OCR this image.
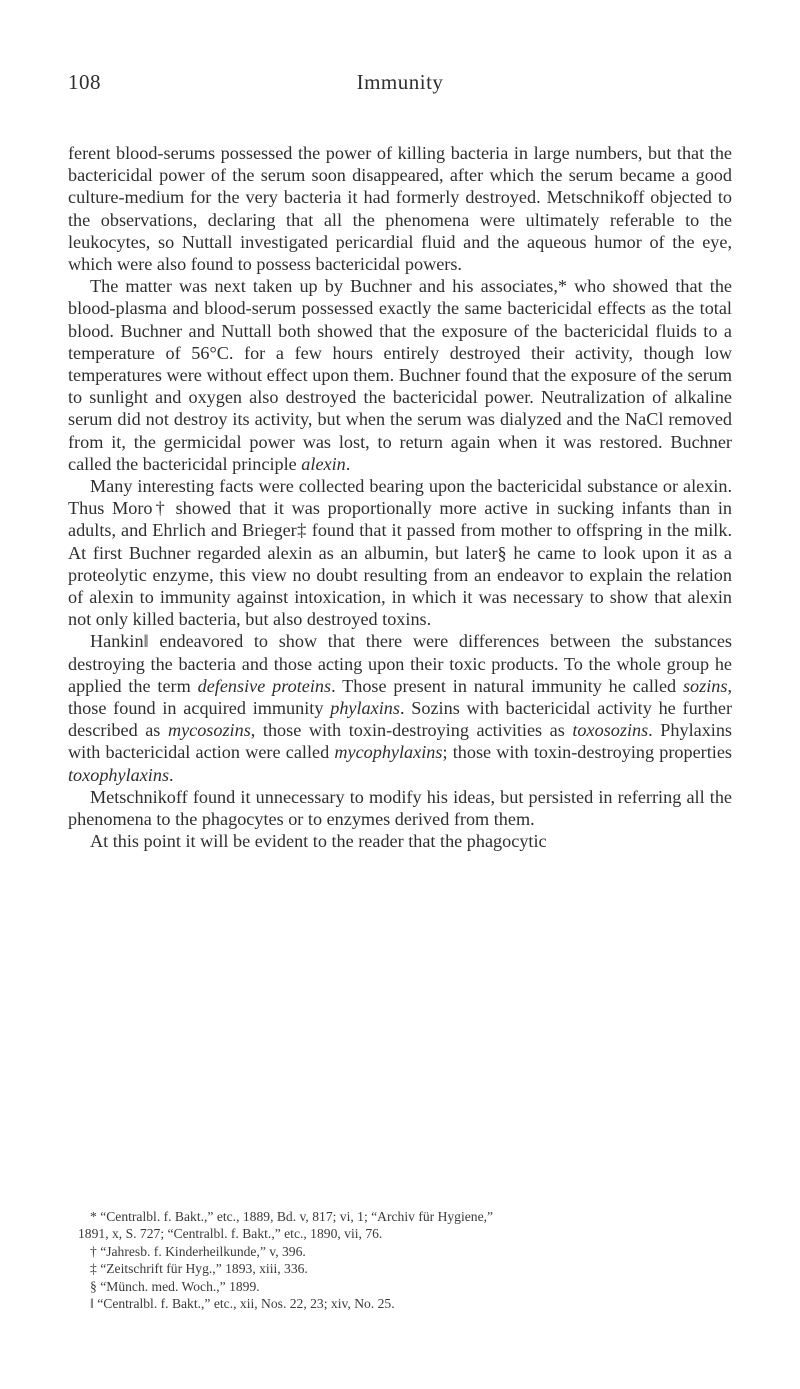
108	Immunity

ferent blood-serums possessed the power of killing bacteria in large numbers, but that the bactericidal power of the serum soon disappeared, after which the serum became a good culture-medium for the very bacteria it had formerly destroyed. Metschnikoff objected to the observations, declaring that all the phenomena were ultimately referable to the leukocytes, so Nuttall investigated pericardial fluid and the aqueous humor of the eye, which were also found to possess bactericidal powers.

The matter was next taken up by Buchner and his associates,* who showed that the blood-plasma and blood-serum possessed exactly the same bactericidal effects as the total blood. Buchner and Nuttall both showed that the exposure of the bactericidal fluids to a temperature of 56°C. for a few hours entirely destroyed their activity, though low temperatures were without effect upon them. Buchner found that the exposure of the serum to sunlight and oxygen also destroyed the bactericidal power. Neutralization of alkaline serum did not destroy its activity, but when the serum was dialyzed and the NaCl removed from it, the germicidal power was lost, to return again when it was restored. Buchner called the bactericidal principle alexin.

Many interesting facts were collected bearing upon the bactericidal substance or alexin. Thus Moro† showed that it was proportionally more active in sucking infants than in adults, and Ehrlich and Brieger‡ found that it passed from mother to offspring in the milk. At first Buchner regarded alexin as an albumin, but later§ he came to look upon it as a proteolytic enzyme, this view no doubt resulting from an endeavor to explain the relation of alexin to immunity against intoxication, in which it was necessary to show that alexin not only killed bacteria, but also destroyed toxins.

Hankin‖ endeavored to show that there were differences between the substances destroying the bacteria and those acting upon their toxic products. To the whole group he applied the term defensive proteins. Those present in natural immunity he called sozins, those found in acquired immunity phylaxins. Sozins with bactericidal activity he further described as mycosozins, those with toxin-destroying activities as toxosozins. Phylaxins with bactericidal action were called mycophylaxins; those with toxin-destroying properties toxophylaxins.

Metschnikoff found it unnecessary to modify his ideas, but persisted in referring all the phenomena to the phagocytes or to enzymes derived from them.

At this point it will be evident to the reader that the phagocytic

* “Centralbl. f. Bakt.,” etc., 1889, Bd. v, 817; vi, 1; “Archiv für Hygiene,”

1891, x, S. 727; “Centralbl. f. Bakt.,” etc., 1890, vii, 76.

† “Jahresb. f. Kinderheilkunde,” v, 396.

‡ “Zeitschrift für Hyg.,” 1893, xiii, 336.

§ “Münch. med. Woch.,” 1899.

‖ “Centralbl. f. Bakt.,” etc., xii, Nos. 22, 23; xiv, No. 25.
